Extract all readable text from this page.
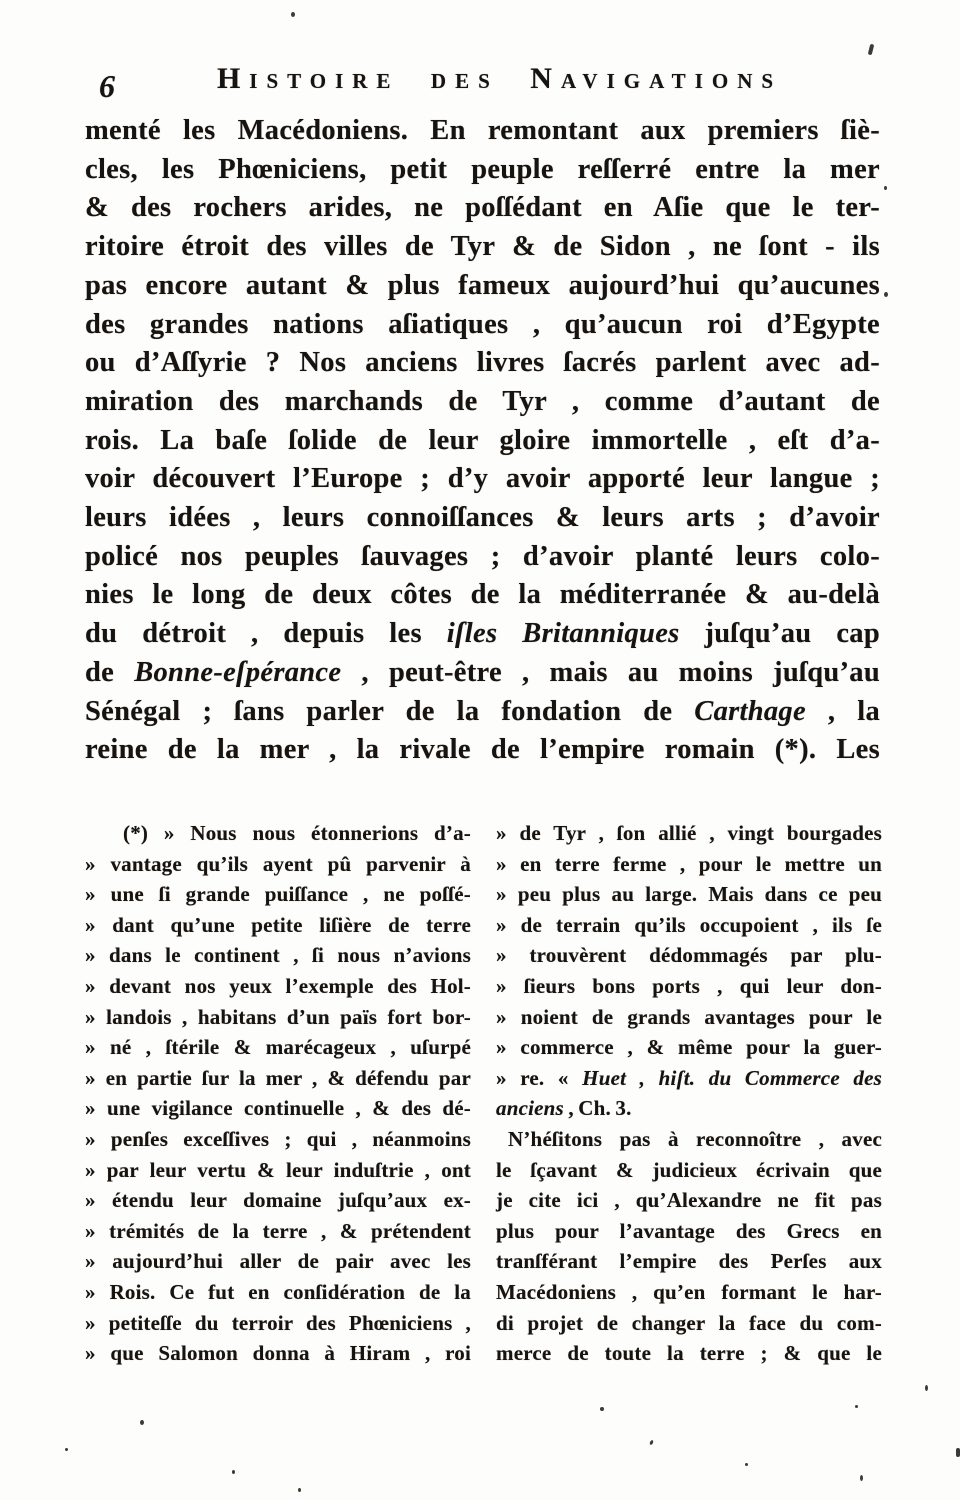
6	Histoire des Navigations
menté les Macédoniens. En remontant aux premiers ſiè-
cles, les Phœniciens, petit peuple reſſerré entre la mer
& des rochers arides, ne poſſédant en Aſie que le ter-
ritoire étroit des villes de Tyr & de Sidon , ne ſont - ils
pas encore autant & plus fameux aujourd’hui qu’aucunes
des grandes nations aſiatiques , qu’aucun roi d’Egypte
ou d’Aſſyrie ? Nos anciens livres ſacrés parlent avec ad-
miration des marchands de Tyr , comme d’autant de
rois. La baſe ſolide de leur gloire immortelle , eſt d’a-
voir découvert l’Europe ; d’y avoir apporté leur langue ;
leurs idées , leurs connoiſſances & leurs arts ; d’avoir
policé nos peuples ſauvages ; d’avoir planté leurs colo-
nies le long de deux côtes de la méditerranée & au-delà
du détroit , depuis les iſles Britanniques juſqu’au cap
de Bonne-eſpérance , peut-être , mais au moins juſqu’au
Sénégal ; ſans parler de la fondation de Carthage , la
reine de la mer , la rivale de l’empire romain (*). Les
(*) » Nous nous étonnerions d’a-
» vantage qu’ils ayent pû parvenir à
» une ſi grande puiſſance , ne poſſé-
» dant qu’une petite liſière de terre
» dans le continent , ſi nous n’avions
» devant nos yeux l’exemple des Hol-
» landois , habitans d’un païs fort bor-
» né , ſtérile & marécageux , uſurpé
» en partie ſur la mer , & défendu par
» une vigilance continuelle , & des dé-
» penſes exceſſives ; qui , néanmoins
» par leur vertu & leur induſtrie , ont
» étendu leur domaine juſqu’aux ex-
» trémités de la terre , & prétendent
» aujourd’hui aller de pair avec les
» Rois. Ce fut en conſidération de la
» petiteſſe du terroir des Phœniciens ,
» que Salomon donna à Hiram , roi
» de Tyr , ſon allié , vingt bourgades
» en terre ferme , pour le mettre un
» peu plus au large. Mais dans ce peu
» de terrain qu’ils occupoient , ils ſe
» trouvèrent dédommagés par plu-
» ſieurs bons ports , qui leur don-
» noient de grands avantages pour le
» commerce , & même pour la guer-
» re. « Huet , hiſt. du Commerce des
anciens , Ch. 3.
N’héſitons pas à reconnoître , avec
le ſçavant & judicieux écrivain que
je cite ici , qu’Alexandre ne fit pas
plus pour l’avantage des Grecs en
tranſférant l’empire des Perſes aux
Macédoniens , qu’en formant le har-
di projet de changer la face du com-
merce de toute la terre ; & que le
